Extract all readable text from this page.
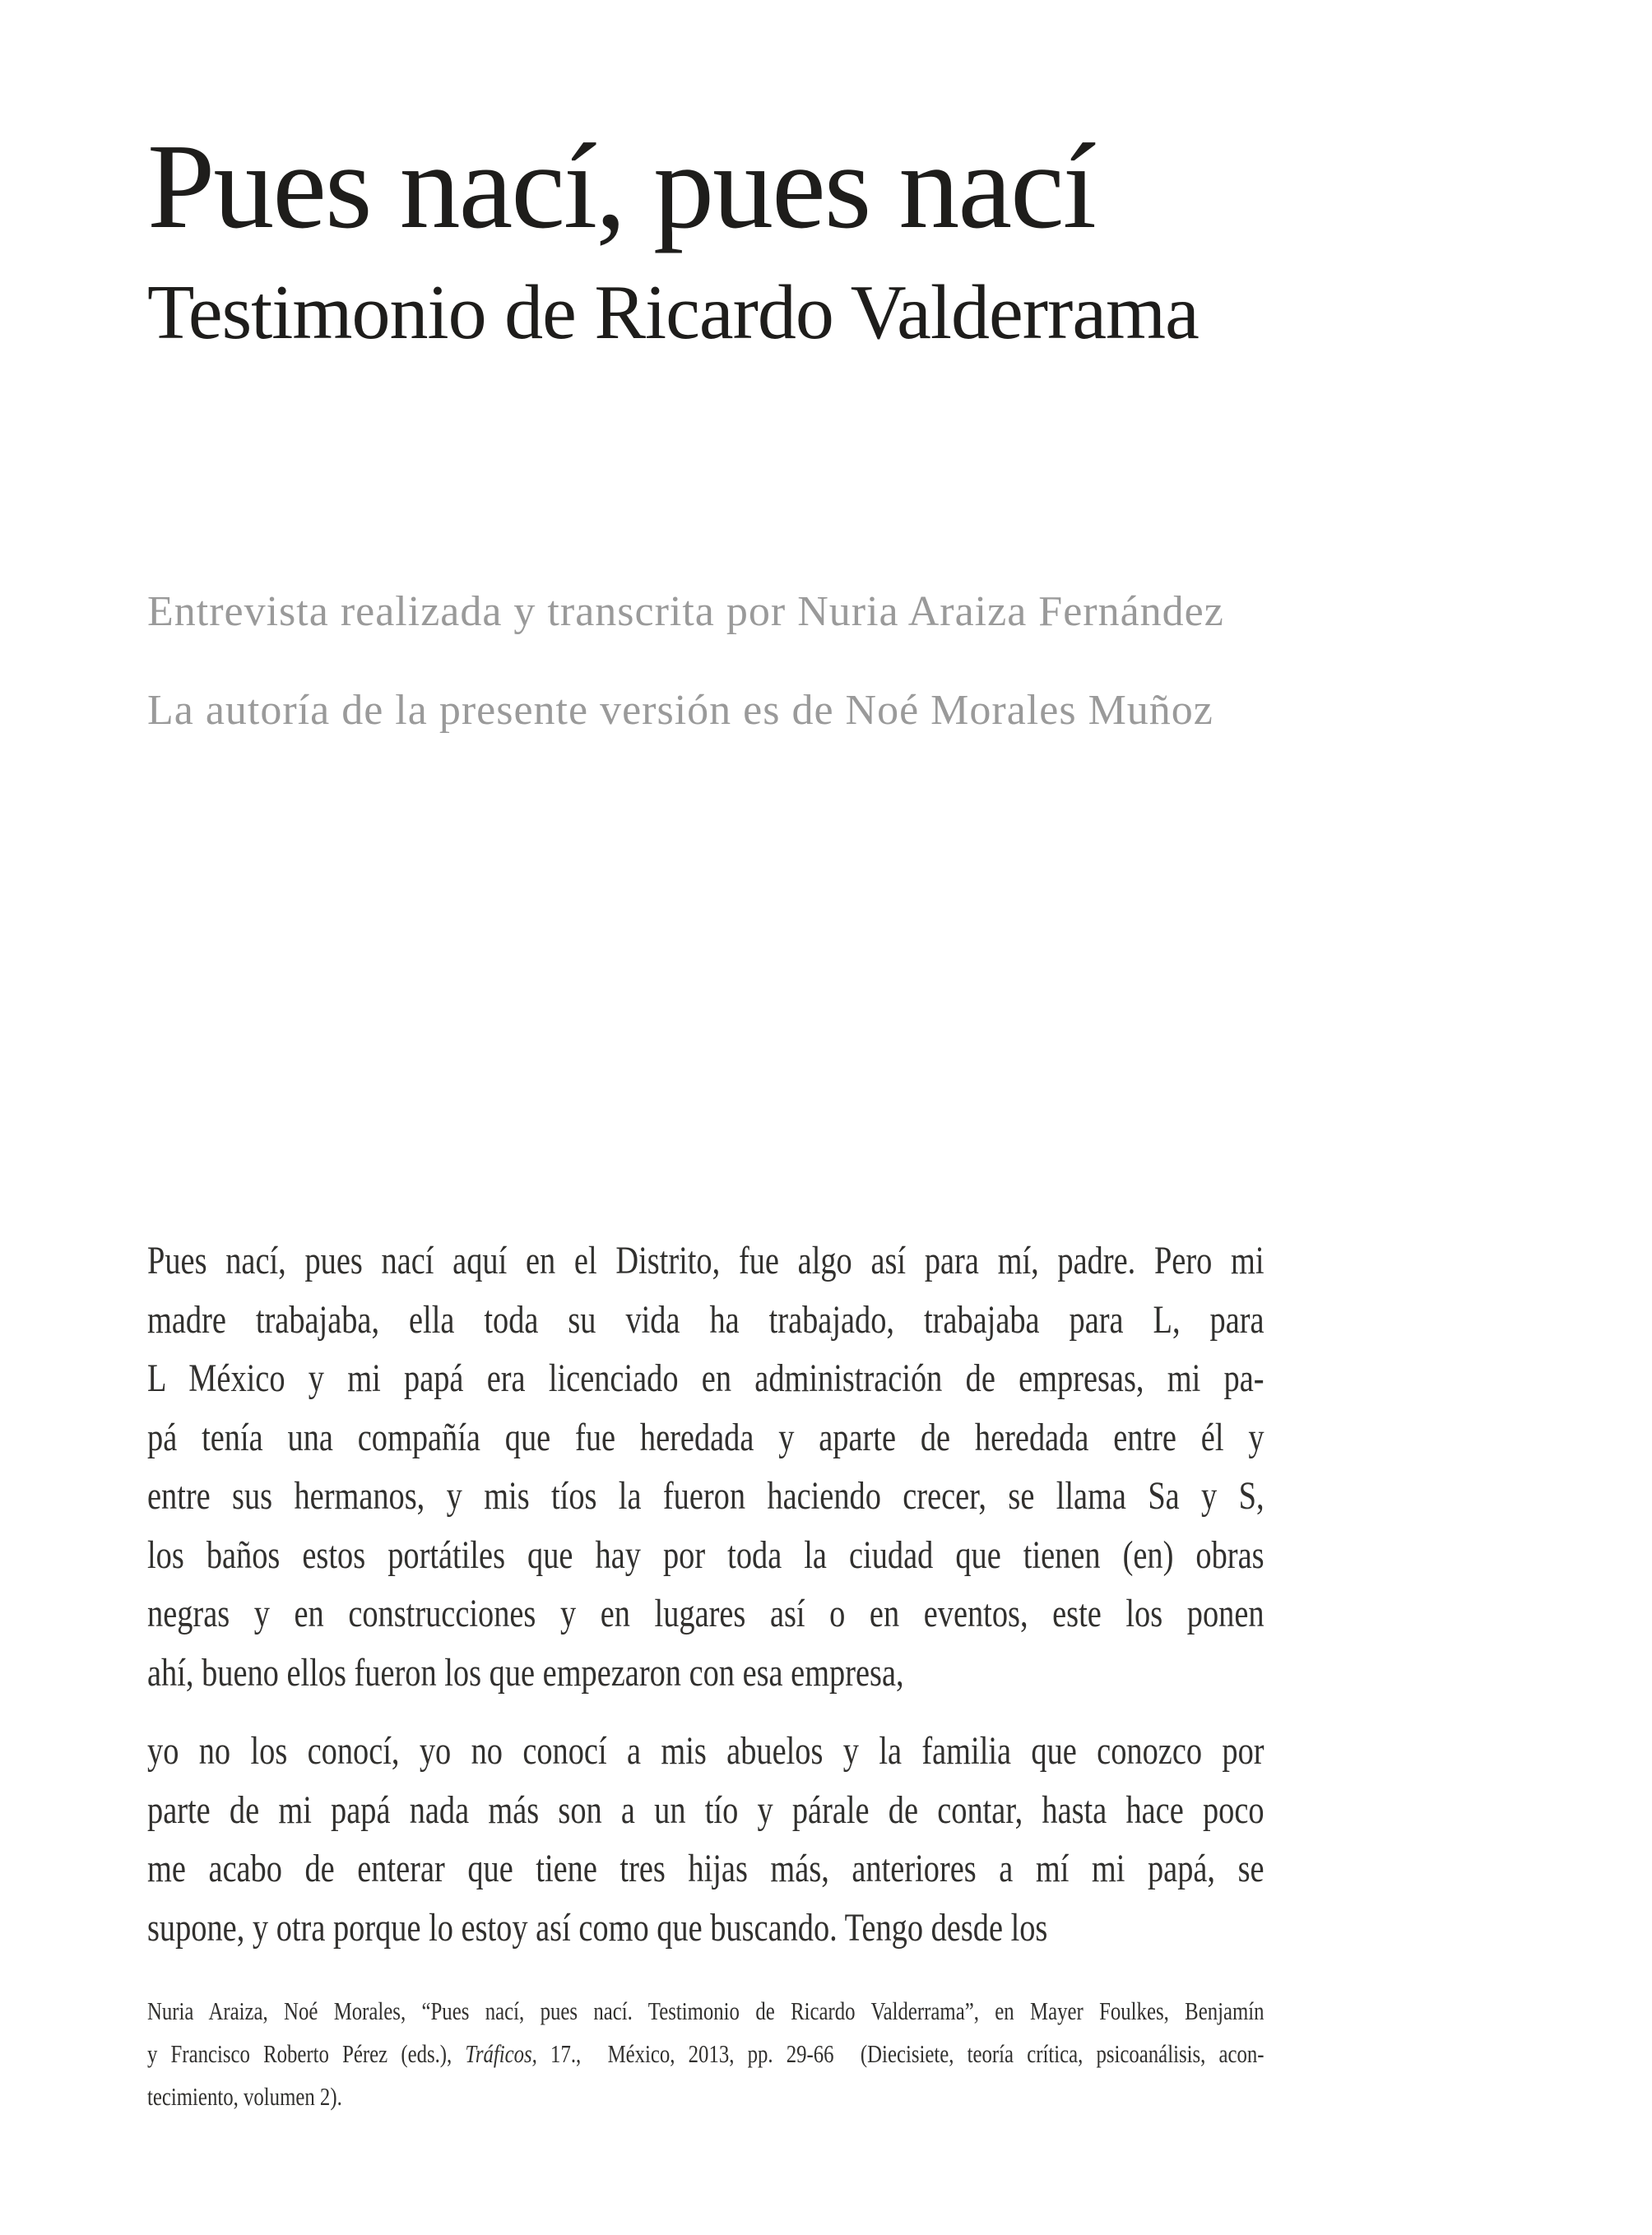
Pues nací, pues nací
Testimonio de Ricardo Valderrama

Entrevista realizada y transcrita por Nuria Araiza Fernández

La autoría de la presente versión es de Noé Morales Muñoz

Pues nací, pues nací aquí en el Distrito, fue algo así para mí, padre. Pero mi
madre trabajaba, ella toda su vida ha trabajado, trabajaba para L, para
L México y mi papá era licenciado en administración de empresas, mi pa-
pá tenía una compañía que fue heredada y aparte de heredada entre él y
entre sus hermanos, y mis tíos la fueron haciendo crecer, se llama Sa y S,
los baños estos portátiles que hay por toda la ciudad que tienen (en) obras
negras y en construcciones y en lugares así o en eventos, este los ponen
ahí, bueno ellos fueron los que empezaron con esa empresa,
yo no los conocí, yo no conocí a mis abuelos y la familia que conozco por
parte de mi papá nada más son a un tío y párale de contar, hasta hace poco
me acabo de enterar que tiene tres hijas más, anteriores a mí mi papá, se
supone, y otra porque lo estoy así como que buscando. Tengo desde los
Nuria Araiza, Noé Morales, “Pues nací, pues nací. Testimonio de Ricardo Valderrama”, en Mayer Foulkes, Benjamín
y Francisco Roberto Pérez (eds.), Tráficos, 17.,  México, 2013, pp. 29-66  (Diecisiete, teoría crítica, psicoanálisis, acon-
tecimiento, volumen 2).
